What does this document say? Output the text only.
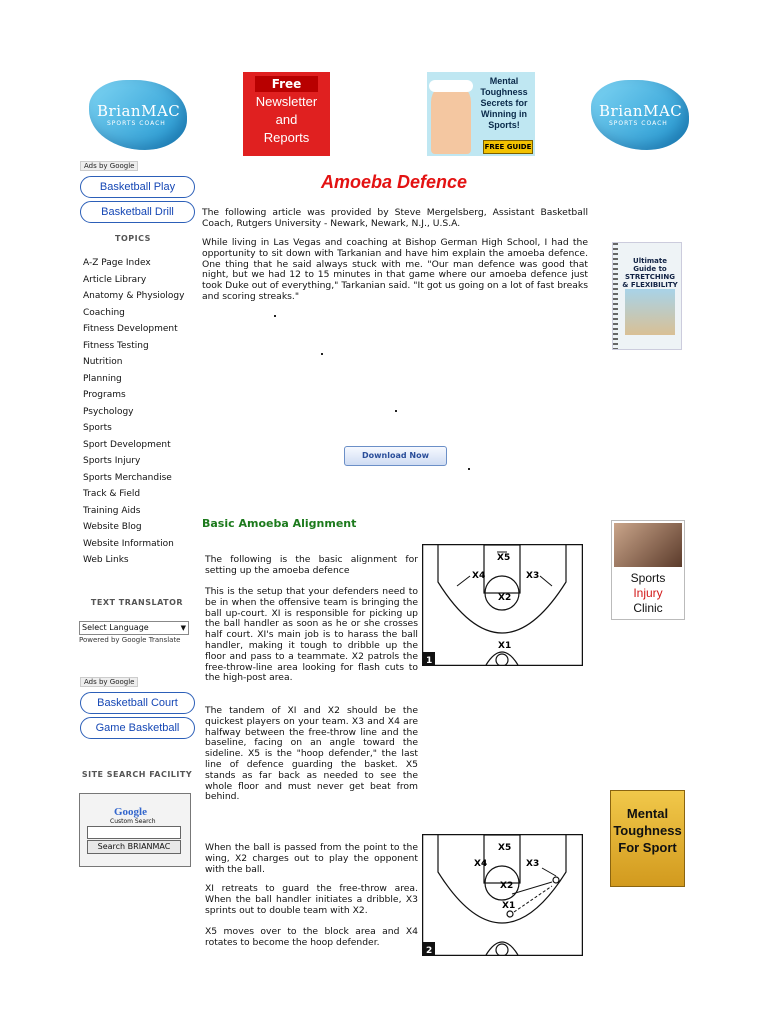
BrianMAC
SPORTS COACH
BrianMAC
SPORTS COACH
Free
Newsletter
and
Reports
Mental Toughness Secrets for Winning in Sports!
FREE GUIDE
Ads by Google
Basketball Play
Basketball Drill
TOPICS
A-Z Page Index
Article Library
Anatomy & Physiology
Coaching
Fitness Development
Fitness Testing
Nutrition
Planning
Programs
Psychology
Sports
Sport Development
Sports Injury
Sports Merchandise
Track & Field
Training Aids
Website Blog
Website Information
Web Links
TEXT TRANSLATOR
Select Language	▼
Powered by Google Translate
Ads by Google
Basketball Court
Game Basketball
SITE SEARCH FACILITY
Google
Custom Search
Search BRIANMAC
Amoeba Defence
The following article was provided by Steve Mergelsberg, Assistant Basketball Coach, Rutgers University - Newark, Newark, N.J., U.S.A.
While living in Las Vegas and coaching at Bishop German High School, I had the opportunity to sit down with Tarkanian and have him explain the amoeba defence. One thing that he said always stuck with me. "Our man defence was good that night, but we had 12 to 15 minutes in that game where our amoeba defence just took Duke out of everything," Tarkanian said. "It got us going on a lot of fast breaks and scoring streaks."
Download Now
Basic Amoeba Alignment
The following is the basic alignment for setting up the amoeba defence
This is the setup that your defenders need to be in when the offensive team is bringing the ball up-court. XI is responsible for picking up the ball handler as soon as he or she crosses half court. XI's main job is to harass the ball handler, making it tough to dribble up the floor and pass to a teammate. X2 patrols the free-throw-line area looking for flash cuts to the high-post area.
The tandem of XI and X2 should be the quickest players on your team. X3 and X4 are halfway between the free-throw line and the baseline, facing on an angle toward the sideline. X5 is the "hoop defender," the last line of defence guarding the basket. X5 stands as far back as needed to see the whole floor and must never get beat from behind.
When the ball is passed from the point to the wing, X2 charges out to play the opponent with the ball.
XI retreats to guard the free-throw area. When the ball handler initiates a dribble, X3 sprints out to double team with X2.
X5 moves over to the block area and X4 rotates to become the hoop defender.
X5
X4	X3
X2
X1
1
X5
X4	X3
X2
X1
2
Ultimate Guide to STRETCHING & FLEXIBILITY
Sports
Injury
Clinic
Mental Toughness For Sport
